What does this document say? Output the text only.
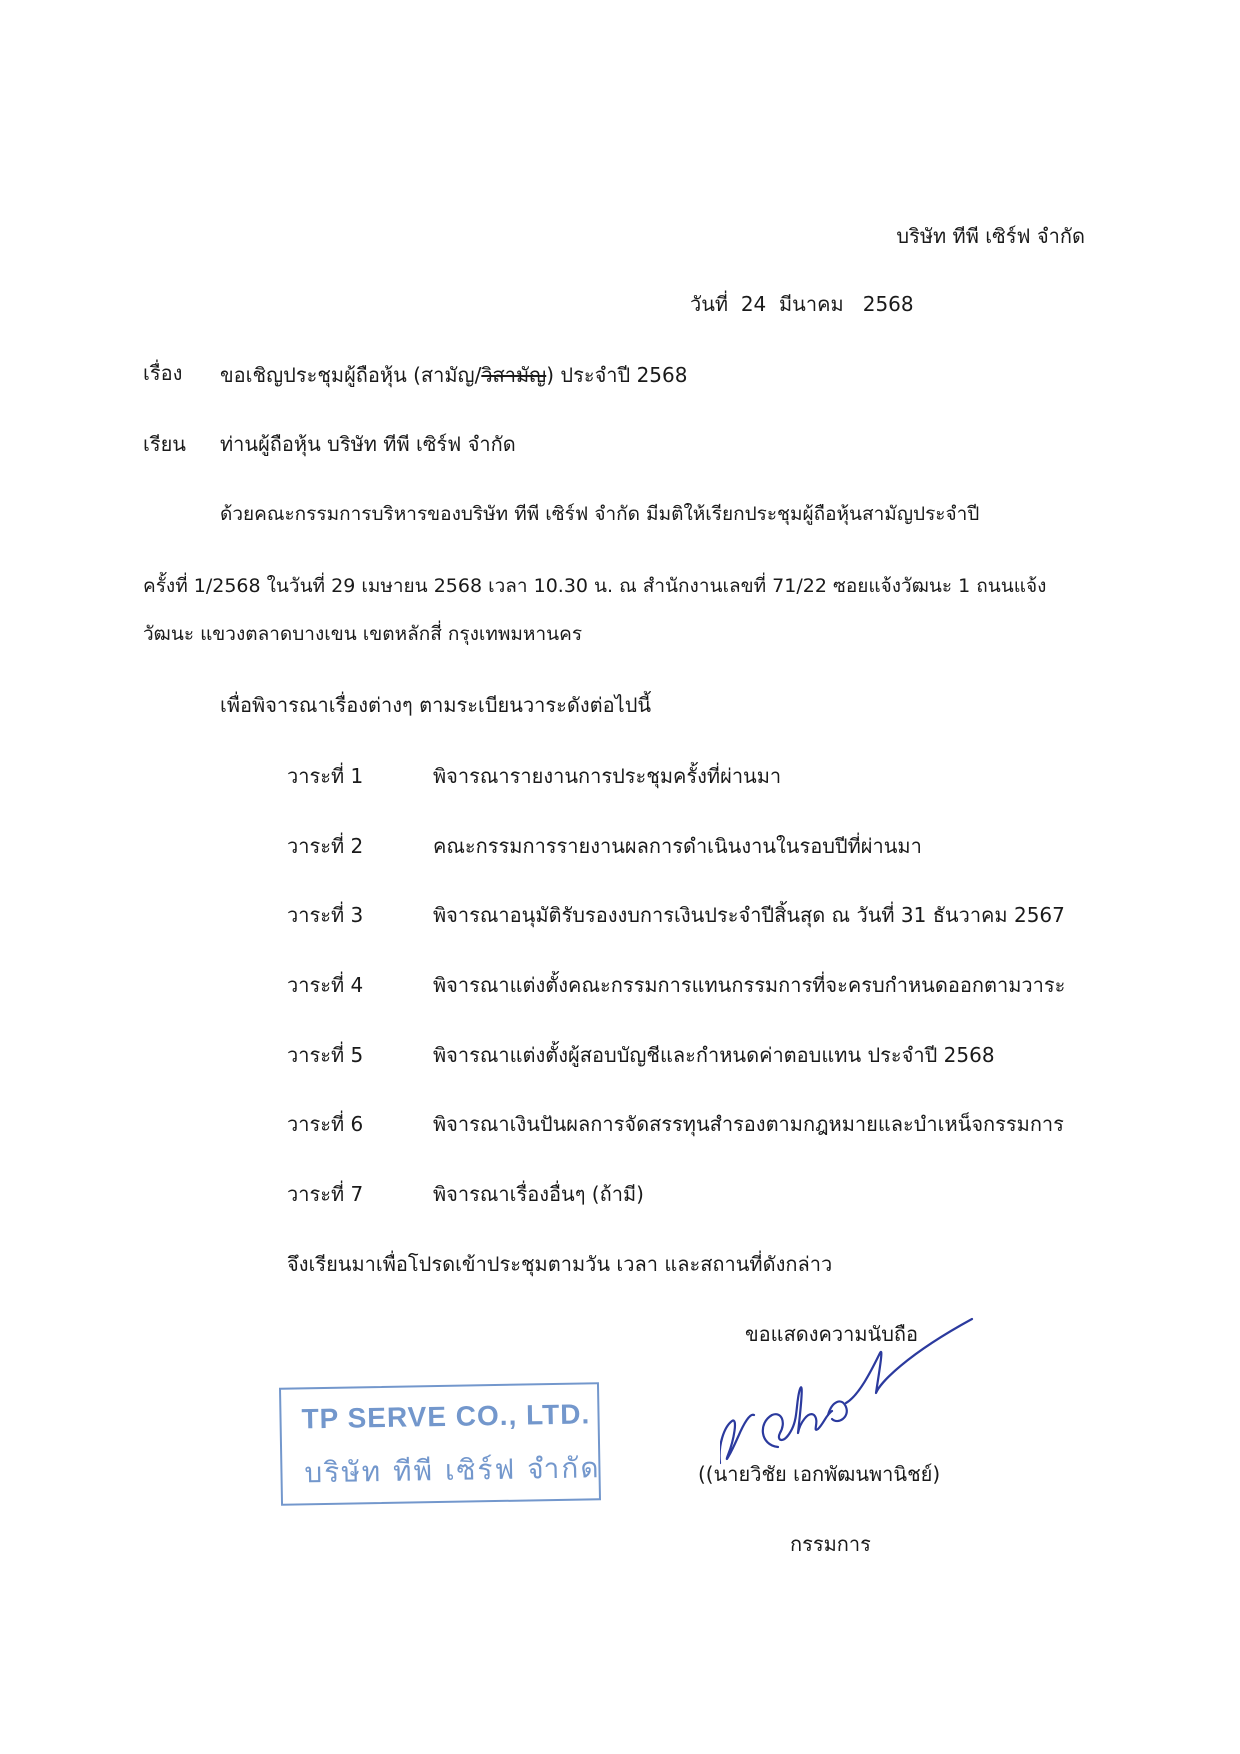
บริษัท ทีพี เซิร์ฟ จำกัด
วันที่ 24 มีนาคม 2568
เรื่อง ขอเชิญประชุมผู้ถือหุ้น (สามัญ/วิสามัญ) ประจำปี 2568
เรียน ท่านผู้ถือหุ้น บริษัท ทีพี เซิร์ฟ จำกัด
ด้วยคณะกรรมการบริหารของบริษัท ทีพี เซิร์ฟ จำกัด มีมติให้เรียกประชุมผู้ถือหุ้นสามัญประจำปี
ครั้งที่ 1/2568 ในวันที่ 29 เมษายน 2568 เวลา 10.30 น. ณ สำนักงานเลขที่ 71/22 ซอยแจ้งวัฒนะ 1 ถนนแจ้ง
วัฒนะ แขวงตลาดบางเขน เขตหลักสี่ กรุงเทพมหานคร
เพื่อพิจารณาเรื่องต่างๆ ตามระเบียนวาระดังต่อไปนี้
วาระที่ 1	พิจารณารายงานการประชุมครั้งที่ผ่านมา
วาระที่ 2	คณะกรรมการรายงานผลการดำเนินงานในรอบปีที่ผ่านมา
วาระที่ 3	พิจารณาอนุมัติรับรองงบการเงินประจำปีสิ้นสุด ณ วันที่ 31 ธันวาคม 2567
วาระที่ 4	พิจารณาแต่งตั้งคณะกรรมการแทนกรรมการที่จะครบกำหนดออกตามวาระ
วาระที่ 5	พิจารณาแต่งตั้งผู้สอบบัญชีและกำหนดค่าตอบแทน ประจำปี 2568
วาระที่ 6	พิจารณาเงินปันผลการจัดสรรทุนสำรองตามกฎหมายและบำเหน็จกรรมการ
วาระที่ 7	พิจารณาเรื่องอื่นๆ (ถ้ามี)
จึงเรียนมาเพื่อโปรดเข้าประชุมตามวัน เวลา และสถานที่ดังกล่าว
ขอแสดงความนับถือ
((นายวิชัย เอกพัฒนพานิชย์)
กรรมการ
TP SERVE CO., LTD.
บริษัท ทีพี เซิร์ฟ จำกัด
